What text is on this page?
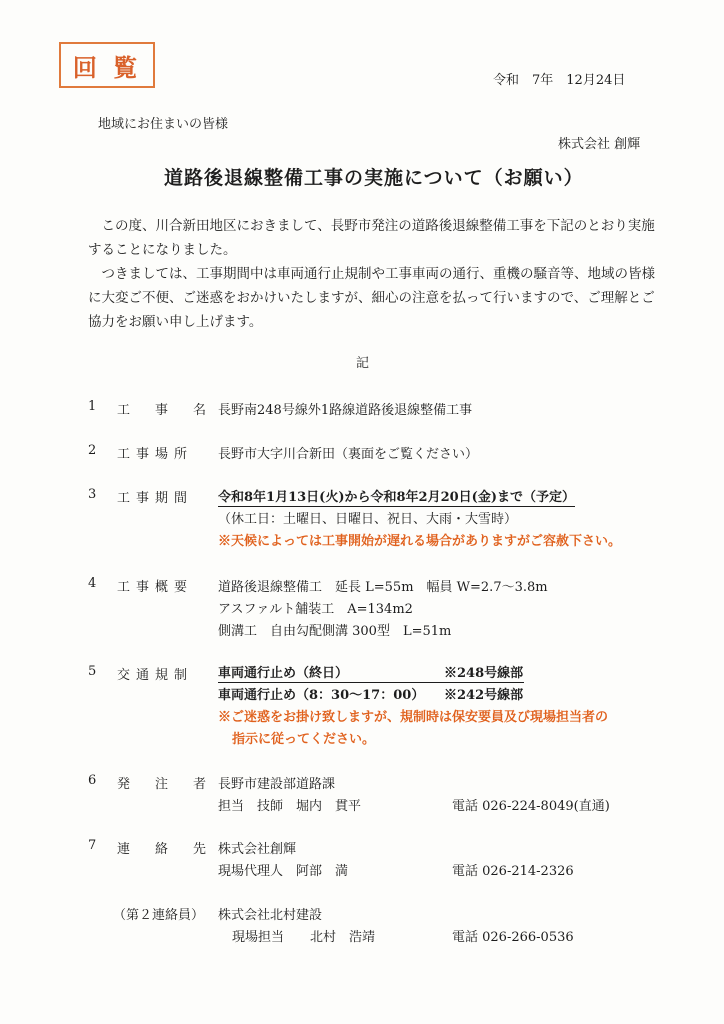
回 覧	令和　7年　12月24日
地域にお住まいの皆様
株式会社 創輝
道路後退線整備工事の実施について（お願い）
この度、川合新田地区におきまして、長野市発注の道路後退線整備工事を下記のとおり実施することになりました。
つきましては、工事期間中は車両通行止規制や工事車両の通行、重機の騒音等、地域の皆様に大変ご不便、ご迷惑をおかけいたしますが、細心の注意を払って行いますので、ご理解とご協力をお願い申し上げます。
記
1 工　事　名 長野南248号線外1路線道路後退線整備工事
2 工事場所 長野市大字川合新田（裏面をご覧ください）
3 工事期間 令和8年1月13日(火)から令和8年2月20日(金)まで（予定）
（休工日：土曜日、日曜日、祝日、大雨・大雪時）
※天候によっては工事開始が遅れる場合がありますがご容赦下さい。
4 工事概要 道路後退線整備工　延長 L=55m　幅員 W=2.7〜3.8m
アスファルト舗装工　A=134m2
側溝工　自由勾配側溝 300型　L=51m
5 交通規制 車両通行止め（終日）	※248号線部
車両通行止め（8：30〜17：00） ※242号線部
※ご迷惑をお掛け致しますが、規制時は保安要員及び現場担当者の
指示に従ってください。
6 発　注　者 長野市建設部道路課
担当　技師　堀内　貫平	電話 026-224-8049(直通)
7 連　絡　先 株式会社創輝
現場代理人　阿部　満	電話 026-214-2326
（第２連絡員） 株式会社北村建設
現場担当　　北村　浩靖	電話 026-266-0536
